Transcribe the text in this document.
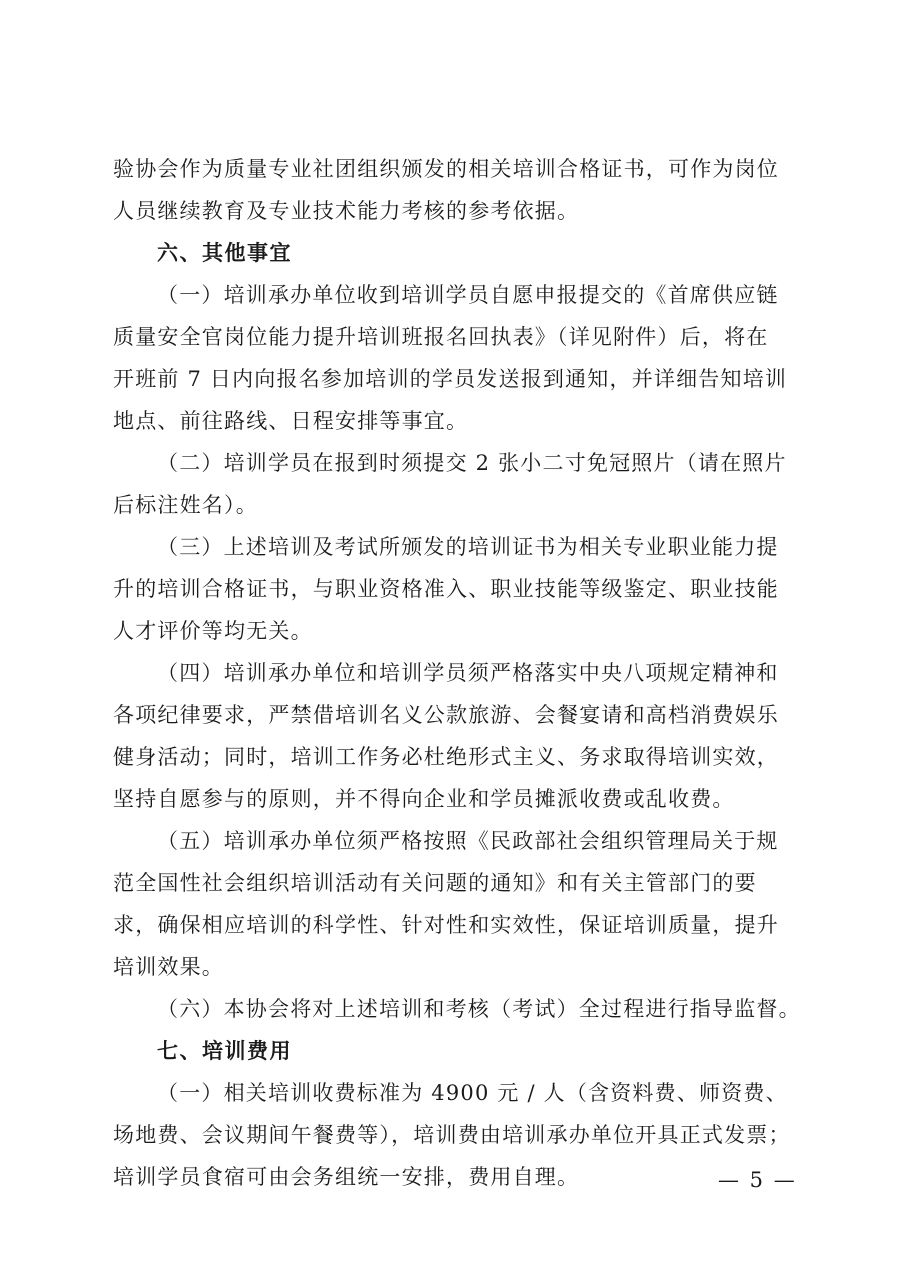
验协会作为质量专业社团组织颁发的相关培训合格证书，可作为岗位
人员继续教育及专业技术能力考核的参考依据。
六、其他事宜
（一）培训承办单位收到培训学员自愿申报提交的《首席供应链
质量安全官岗位能力提升培训班报名回执表》（详见附件）后，将在
开班前 7 日内向报名参加培训的学员发送报到通知，并详细告知培训
地点、前往路线、日程安排等事宜。
（二）培训学员在报到时须提交 2 张小二寸免冠照片（请在照片
后标注姓名）。
（三）上述培训及考试所颁发的培训证书为相关专业职业能力提
升的培训合格证书，与职业资格准入、职业技能等级鉴定、职业技能
人才评价等均无关。
（四）培训承办单位和培训学员须严格落实中央八项规定精神和
各项纪律要求，严禁借培训名义公款旅游、会餐宴请和高档消费娱乐
健身活动；同时，培训工作务必杜绝形式主义、务求取得培训实效，
坚持自愿参与的原则，并不得向企业和学员摊派收费或乱收费。
（五）培训承办单位须严格按照《民政部社会组织管理局关于规
范全国性社会组织培训活动有关问题的通知》和有关主管部门的要
求，确保相应培训的科学性、针对性和实效性，保证培训质量，提升
培训效果。
（六）本协会将对上述培训和考核（考试）全过程进行指导监督。
七、培训费用
（一）相关培训收费标准为 4900 元 / 人（含资料费、师资费、
场地费、会议期间午餐费等），培训费由培训承办单位开具正式发票；
培训学员食宿可由会务组统一安排，费用自理。	— 5 —
